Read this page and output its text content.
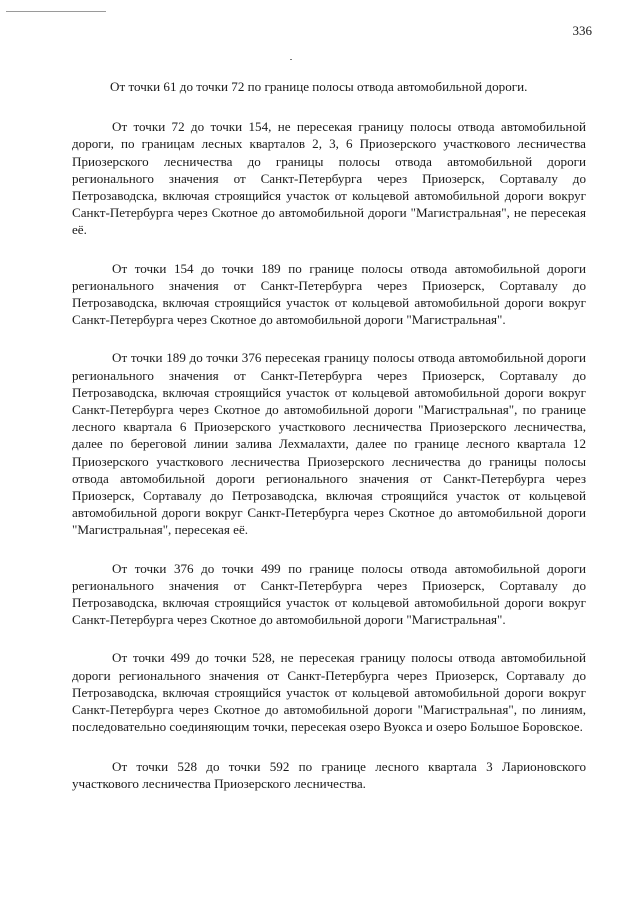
336

От точки 61 до точки 72 по границе полосы отвода автомобильной дороги.

От точки 72 до точки 154, не пересекая границу полосы отвода автомобильной дороги, по границам лесных кварталов 2, 3, 6 Приозерского участкового лесничества Приозерского лесничества до границы полосы отвода автомобильной дороги регионального значения от Санкт-Петербурга через Приозерск, Сортавалу до Петрозаводска, включая строящийся участок от кольцевой автомобильной дороги вокруг Санкт-Петербурга через Скотное до автомобильной дороги "Магистральная", не пересекая её.

От точки 154 до точки 189 по границе полосы отвода автомобильной дороги регионального значения от Санкт-Петербурга через Приозерск, Сортавалу до Петрозаводска, включая строящийся участок от кольцевой автомобильной дороги вокруг Санкт-Петербурга через Скотное до автомобильной дороги "Магистральная".

От точки 189 до точки 376 пересекая границу полосы отвода автомобильной дороги регионального значения от Санкт-Петербурга через Приозерск, Сортавалу до Петрозаводска, включая строящийся участок от кольцевой автомобильной дороги вокруг Санкт-Петербурга через Скотное до автомобильной дороги "Магистральная", по границе лесного квартала 6 Приозерского участкового лесничества Приозерского лесничества, далее по береговой линии залива Лехмалахти, далее по границе лесного квартала 12 Приозерского участкового лесничества Приозерского лесничества до границы полосы отвода автомобильной дороги регионального значения от Санкт-Петербурга через Приозерск, Сортавалу до Петрозаводска, включая строящийся участок от кольцевой автомобильной дороги вокруг Санкт-Петербурга через Скотное до автомобильной дороги "Магистральная", пересекая её.

От точки 376 до точки 499 по границе полосы отвода автомобильной дороги регионального значения от Санкт-Петербурга через Приозерск, Сортавалу до Петрозаводска, включая строящийся участок от кольцевой автомобильной дороги вокруг Санкт-Петербурга через Скотное до автомобильной дороги "Магистральная".

От точки 499 до точки 528, не пересекая границу полосы отвода автомобильной дороги регионального значения от Санкт-Петербурга через Приозерск, Сортавалу до Петрозаводска, включая строящийся участок от кольцевой автомобильной дороги вокруг Санкт-Петербурга через Скотное до автомобильной дороги "Магистральная", по линиям, последовательно соединяющим точки, пересекая озеро Вуокса и озеро Большое Боровское.

От точки 528 до точки 592 по границе лесного квартала 3 Ларионовского участкового лесничества Приозерского лесничества.
